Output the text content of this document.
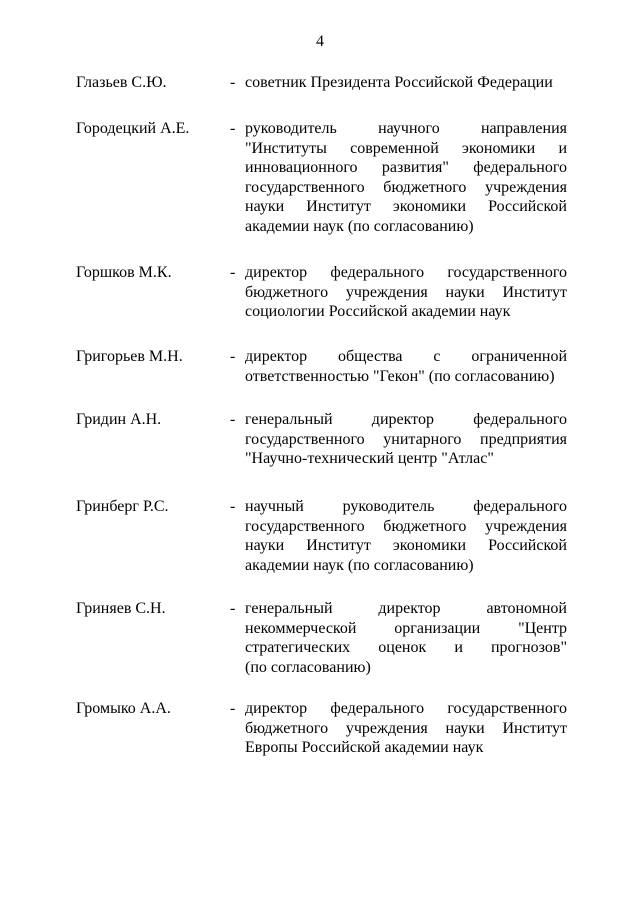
4
Глазьев С.Ю.	- советник Президента Российской Федерации
Городецкий А.Е.	- руководитель научного направления
"Институты современной экономики и
инновационного развития" федерального
государственного бюджетного учреждения
науки Институт экономики Российской
академии наук (по согласованию)
Горшков М.К.	- директор федерального государственного
бюджетного учреждения науки Институт
социологии Российской академии наук
Григорьев М.Н.	- директор общества с ограниченной
ответственностью "Гекон" (по согласованию)
Гридин А.Н.	- генеральный директор федерального
государственного унитарного предприятия
"Научно-технический центр "Атлас"
Гринберг Р.С.	- научный руководитель федерального
государственного бюджетного учреждения
науки Институт экономики Российской
академии наук (по согласованию)
Гриняев С.Н.	- генеральный директор автономной
некоммерческой организации "Центр
стратегических оценок и прогнозов"
(по согласованию)
Громыко А.А.	- директор федерального государственного
бюджетного учреждения науки Институт
Европы Российской академии наук
